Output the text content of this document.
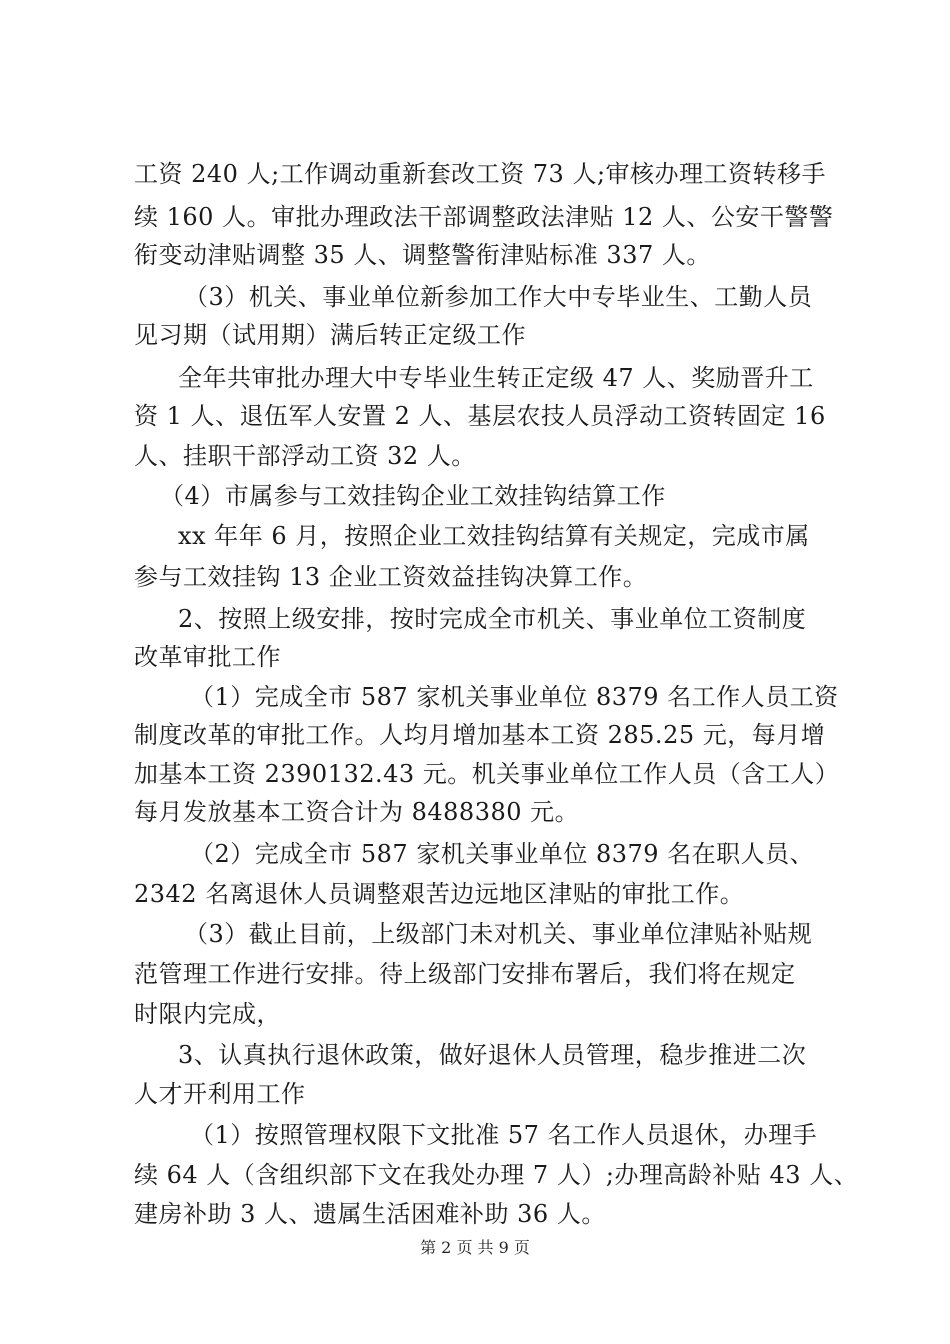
工资 240 人;工作调动重新套改工资 73 人;审核办理工资转移手
续 160 人。审批办理政法干部调整政法津贴 12 人、公安干警警
衔变动津贴调整 35 人、调整警衔津贴标准 337 人。
（3）机关、事业单位新参加工作大中专毕业生、工勤人员
见习期（试用期）满后转正定级工作
全年共审批办理大中专毕业生转正定级 47 人、奖励晋升工
资 1 人、退伍军人安置 2 人、基层农技人员浮动工资转固定 16
人、挂职干部浮动工资 32 人。
（4）市属参与工效挂钩企业工效挂钩结算工作
xx 年年 6 月，按照企业工效挂钩结算有关规定，完成市属
参与工效挂钩 13 企业工资效益挂钩决算工作。
2、按照上级安排，按时完成全市机关、事业单位工资制度
改革审批工作
（1）完成全市 587 家机关事业单位 8379 名工作人员工资
制度改革的审批工作。人均月增加基本工资 285.25 元，每月增
加基本工资 2390132.43 元。机关事业单位工作人员（含工人）
每月发放基本工资合计为 8488380 元。
（2）完成全市 587 家机关事业单位 8379 名在职人员、
2342 名离退休人员调整艰苦边远地区津贴的审批工作。
（3）截止目前，上级部门未对机关、事业单位津贴补贴规
范管理工作进行安排。待上级部门安排布署后，我们将在规定
时限内完成，
3、认真执行退休政策，做好退休人员管理，稳步推进二次
人才开利用工作
（1）按照管理权限下文批准 57 名工作人员退休，办理手
续 64 人（含组织部下文在我处办理 7 人）;办理高龄补贴 43 人、
建房补助 3 人、遗属生活困难补助 36 人。
第 2 页 共 9 页
